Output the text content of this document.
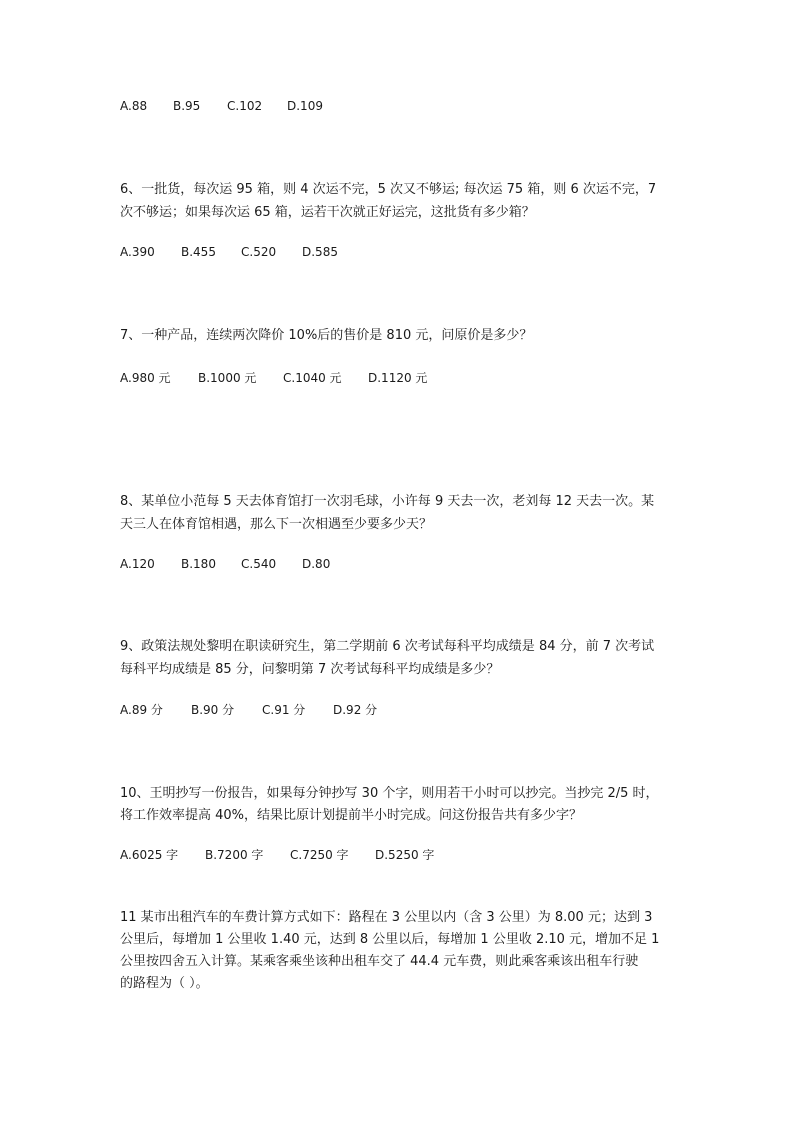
A.88 B.95 C.102 D.109

6、一批货，每次运 95 箱，则 4 次运不完，5 次又不够运; 每次运 75 箱，则 6 次运不完，7

次不够运；如果每次运 65 箱，运若干次就正好运完，这批货有多少箱？

A.390 B.455 C.520 D.585

7、一种产品，连续两次降价 10%后的售价是 810 元，问原价是多少？

A.980 元 B.1000 元 C.1040 元 D.1120 元

8、某单位小范每 5 天去体育馆打一次羽毛球，小许每 9 天去一次，老刘每 12 天去一次。某

天三人在体育馆相遇，那么下一次相遇至少要多少天？

A.120 B.180 C.540 D.80

9、政策法规处黎明在职读研究生，第二学期前 6 次考试每科平均成绩是 84 分，前 7 次考试

每科平均成绩是 85 分，问黎明第 7 次考试每科平均成绩是多少？

A.89 分 B.90 分 C.91 分 D.92 分

10、王明抄写一份报告，如果每分钟抄写 30 个字，则用若干小时可以抄完。当抄完 2/5 时，

将工作效率提高 40%，结果比原计划提前半小时完成。问这份报告共有多少字？

A.6025 字 B.7200 字 C.7250 字 D.5250 字

11 某市出租汽车的车费计算方式如下：路程在 3 公里以内（含 3 公里）为 8.00 元；达到 3

公里后，每增加 1 公里收 1.40 元，达到 8 公里以后，每增加 1 公里收 2.10 元，增加不足 1

公里按四舍五入计算。某乘客乘坐该种出租车交了 44.4 元车费，则此乘客乘该出租车行驶

的路程为（ ）。
